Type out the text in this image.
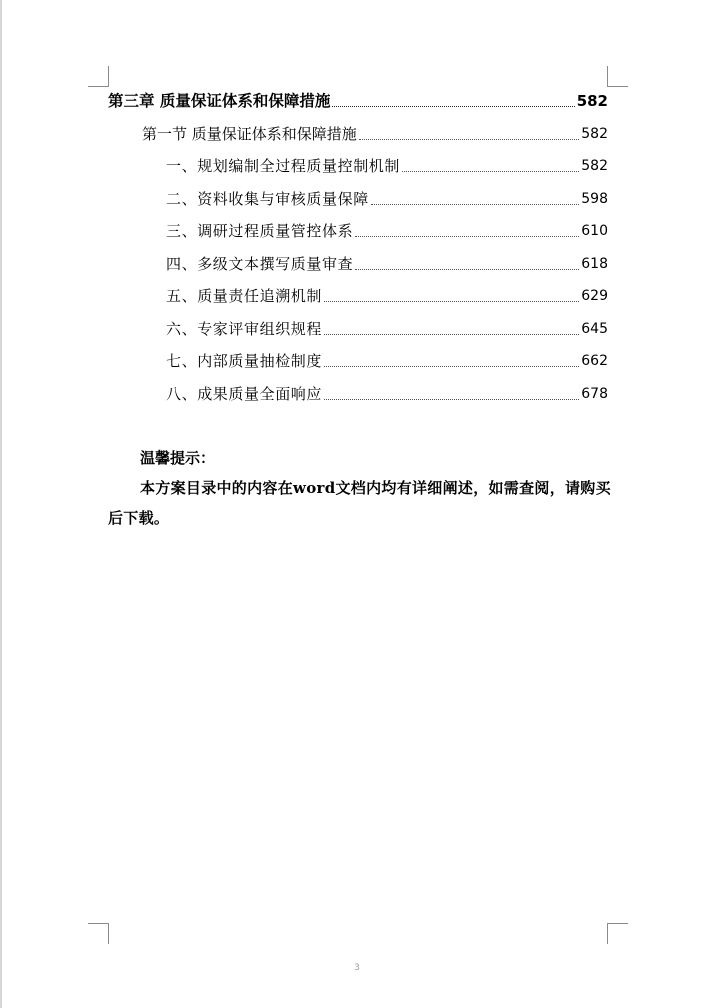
第三章 质量保证体系和保障措施	582
第一节 质量保证体系和保障措施	582
一、规划编制全过程质量控制机制	582
二、资料收集与审核质量保障	598
三、调研过程质量管控体系	610
四、多级文本撰写质量审查	618
五、质量责任追溯机制	629
六、专家评审组织规程	645
七、内部质量抽检制度	662
八、成果质量全面响应	678
温馨提示：
本方案目录中的内容在word文档内均有详细阐述，如需查阅，请购买后下载。
3
